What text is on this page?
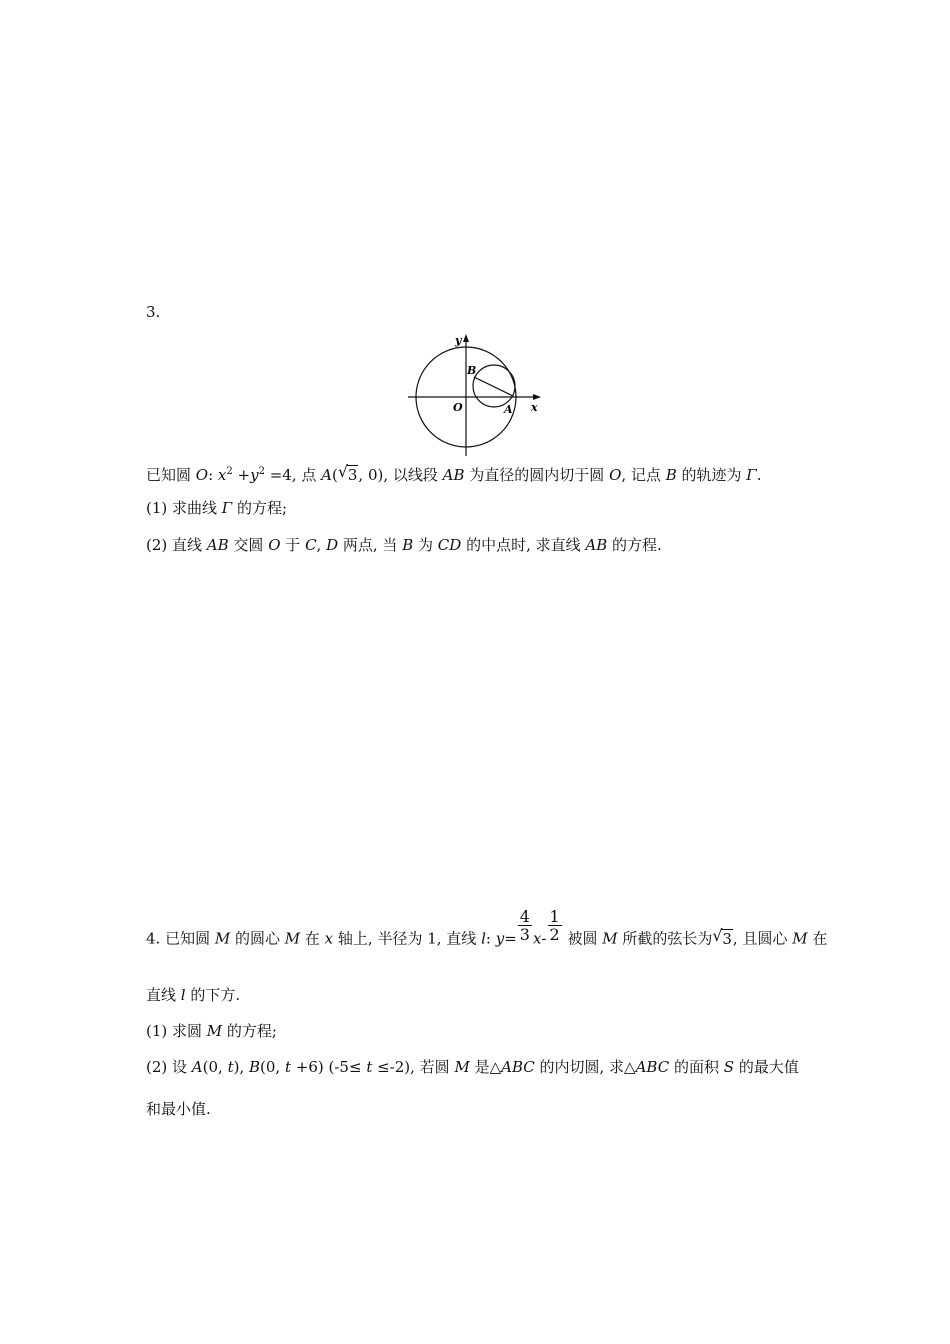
3.
y
x
O
B
A
已知圆 O: $x^2 +y^2 =4$, 点 A( √ 3, 0), 以线段 AB 为直径的圆内切于圆 O, 记点 B 的轨迹为 Γ.
(1) 求曲线 Γ 的方程;
(2) 直线 AB 交圆 O 于 C, D 两点, 当 B 为 CD 的中点时, 求直线 AB 的方程.
4. 已知圆 M 的圆心 M 在 x 轴上, 半径为 1, 直线 l: $y= \frac{4}{3} x- \frac{1}{2}$ 被圆 M 所截的弦长为 √ 3, 且圆心 M 在
直线 l 的下方.
(1) 求圆 M 的方程;
(2) 设 A(0, t), B(0, t +6) (-5≤ t ≤-2), 若圆 M 是△ABC 的内切圆, 求△ABC 的面积 S 的最大值
和最小值.
